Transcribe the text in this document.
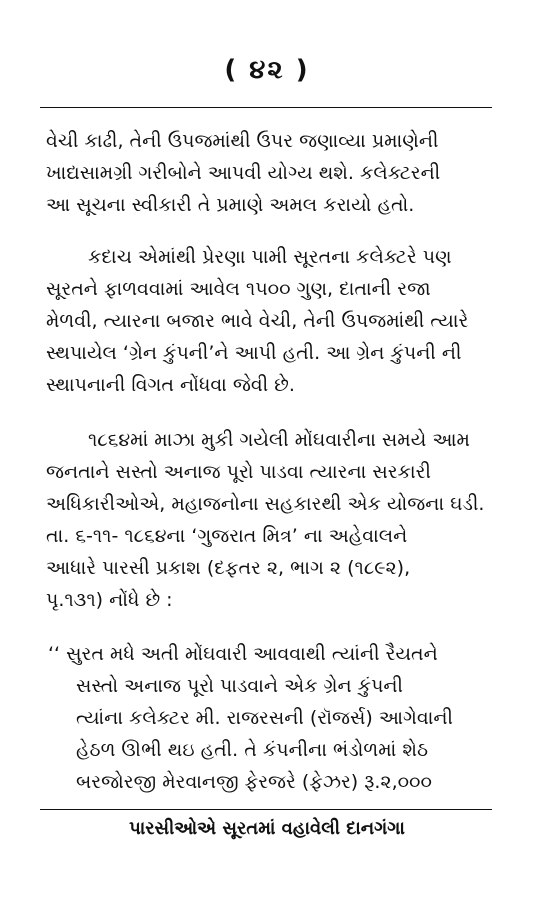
( ૪૨ )
વેચી કાઢી, તેની ઉપજમાંથી ઉપર જણાવ્યા પ્રમાણેની
ખાદ્યસામગ્રી ગરીબોને આપવી યોગ્ય થશે. કલેક્ટરની
આ સૂચના સ્વીકારી તે પ્રમાણે અમલ કરાયો હતો.
કદાચ એમાંથી પ્રેરણા પામી સૂરતના કલેક્ટરે પણ
સૂરતને ફાળવવામાં આવેલ ૧૫૦૦ ગુણ, દાતાની રજા
મેળવી, ત્યારના બજાર ભાવે વેચી, તેની ઉપજમાંથી ત્યારે
સ્થપાયેલ ‘ગ્રેન કુંપની’ને આપી હતી. આ ગ્રેન કુંપની ની
સ્થાપનાની વિગત નોંધવા જેવી છે.
૧૮૬૪માં માઝા મુકી ગયેલી મોંઘવારીના સમયે આમ
જનતાને સસ્તો અનાજ પૂરો પાડવા ત્યારના સરકારી
અધિકારીઓએ, મહાજનોના સહકારથી એક યોજના ઘડી.
તા. ૬-૧૧- ૧૮૬૪ના ‘ગુજરાત મિત્ર’ ના અહેવાલને
આધારે પારસી પ્રકાશ (દફતર ૨, ભાગ ૨ (૧૮૯૨),
પૃ.૧૩૧) નોંધે છે :
‘‘ સુરત મધે અતી મોંઘવારી આવવાથી ત્યાંની રૈયતને
સસ્તો અનાજ પૂરો પાડવાને એક ગ્રેન કુંપની
ત્યાંના કલેક્ટર મી. રાજરસની (રૉજર્સ) આગેવાની
હેઠળ ઊભી થઇ હતી. તે કંપનીના ભંડોળમાં શેઠ
બરજોરજી મેરવાનજી ફેરજરે (ફેઝર) રૂ.૨,૦૦૦
પારસીઓએ સૂરતમાં વહાવેલી દાનગંગા
